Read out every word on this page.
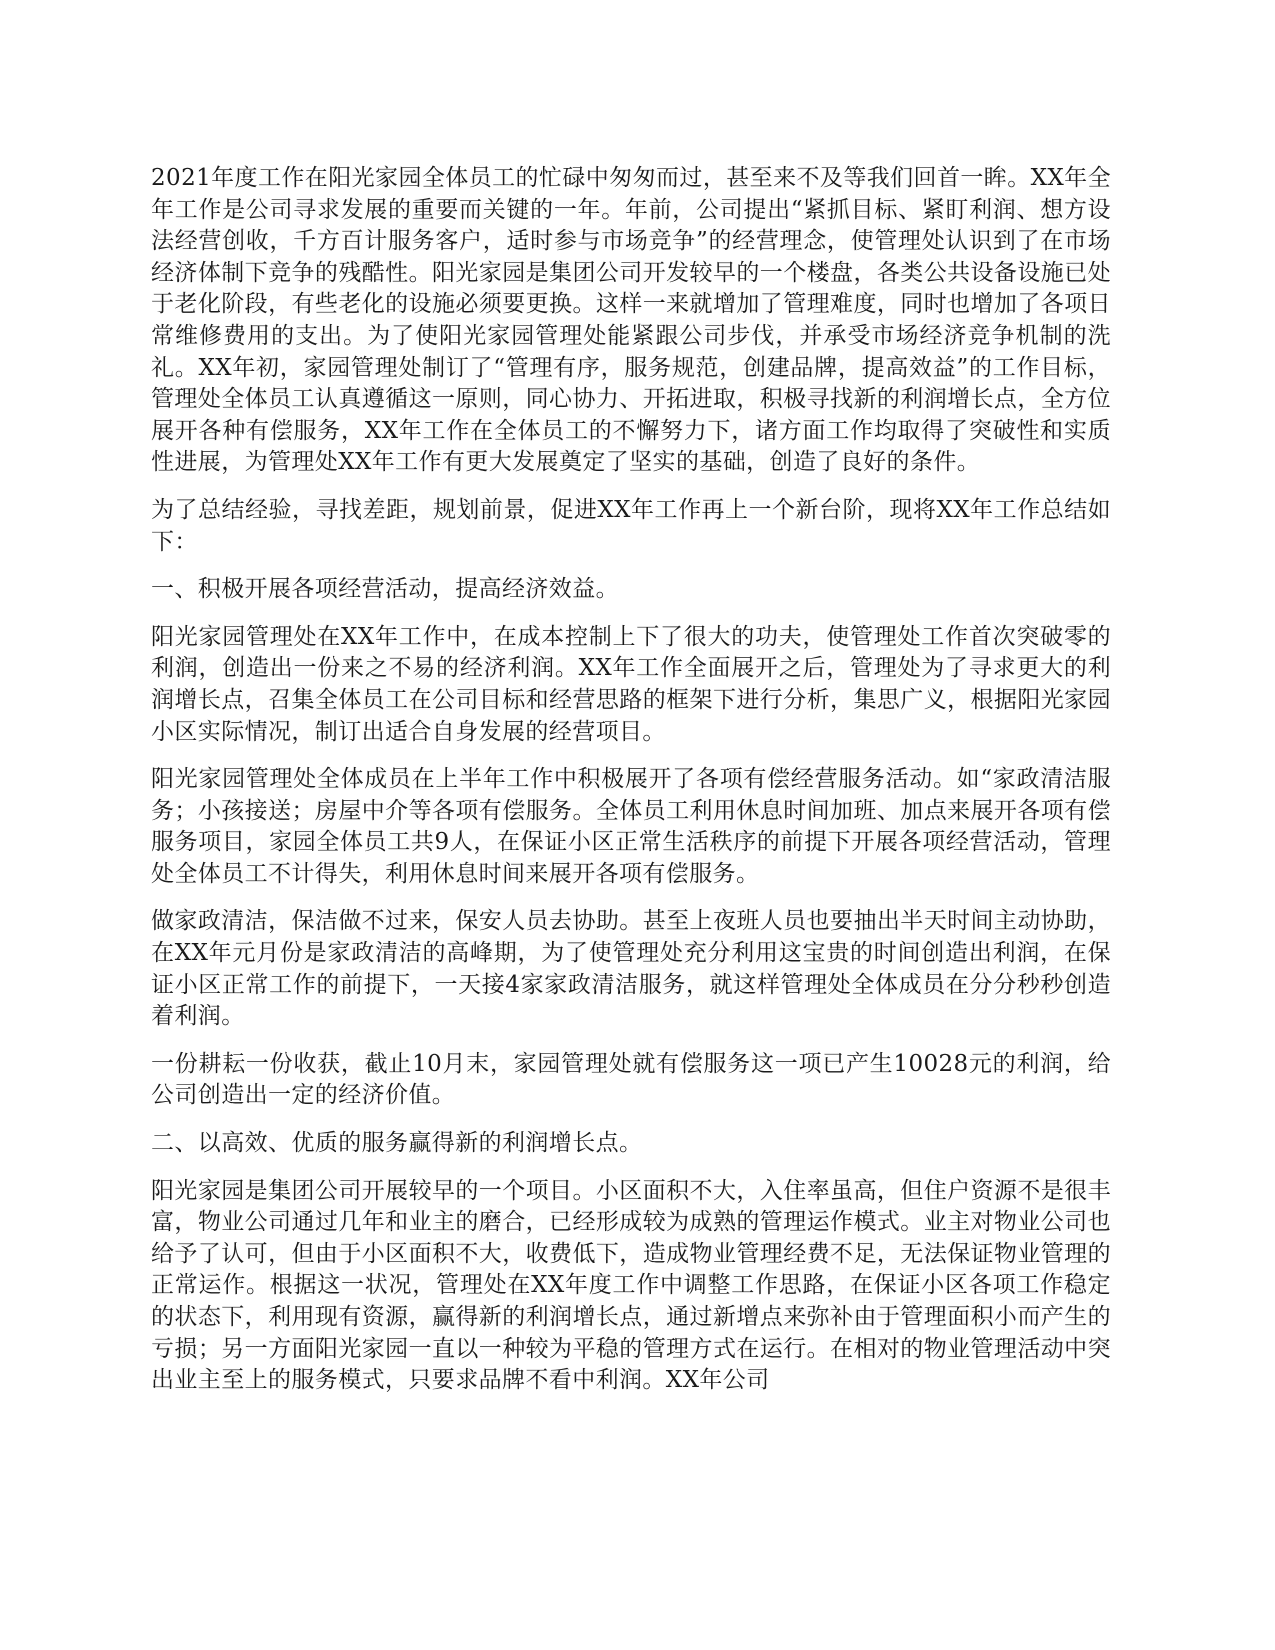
2021年度工作在阳光家园全体员工的忙碌中匆匆而过，甚至来不及等我们回首一眸。XX年全年工作是公司寻求发展的重要而关键的一年。年前，公司提出“紧抓目标、紧盯利润、想方设法经营创收，千方百计服务客户，适时参与市场竞争”的经营理念，使管理处认识到了在市场经济体制下竞争的残酷性。阳光家园是集团公司开发较早的一个楼盘，各类公共设备设施已处于老化阶段，有些老化的设施必须要更换。这样一来就增加了管理难度，同时也增加了各项日常维修费用的支出。为了使阳光家园管理处能紧跟公司步伐，并承受市场经济竞争机制的洗礼。XX年初，家园管理处制订了“管理有序，服务规范，创建品牌，提高效益”的工作目标，管理处全体员工认真遵循这一原则，同心协力、开拓进取，积极寻找新的利润增长点，全方位展开各种有偿服务，XX年工作在全体员工的不懈努力下，诸方面工作均取得了突破性和实质性进展，为管理处XX年工作有更大发展奠定了坚实的基础，创造了良好的条件。

为了总结经验，寻找差距，规划前景，促进XX年工作再上一个新台阶，现将XX年工作总结如下：

一、积极开展各项经营活动，提高经济效益。

阳光家园管理处在XX年工作中，在成本控制上下了很大的功夫，使管理处工作首次突破零的利润，创造出一份来之不易的经济利润。XX年工作全面展开之后，管理处为了寻求更大的利润增长点，召集全体员工在公司目标和经营思路的框架下进行分析，集思广义，根据阳光家园小区实际情况，制订出适合自身发展的经营项目。

阳光家园管理处全体成员在上半年工作中积极展开了各项有偿经营服务活动。如“家政清洁服务；小孩接送；房屋中介等各项有偿服务。全体员工利用休息时间加班、加点来展开各项有偿服务项目，家园全体员工共9人，在保证小区正常生活秩序的前提下开展各项经营活动，管理处全体员工不计得失，利用休息时间来展开各项有偿服务。

做家政清洁，保洁做不过来，保安人员去协助。甚至上夜班人员也要抽出半天时间主动协助，在XX年元月份是家政清洁的高峰期，为了使管理处充分利用这宝贵的时间创造出利润，在保证小区正常工作的前提下，一天接4家家政清洁服务，就这样管理处全体成员在分分秒秒创造着利润。

一份耕耘一份收获，截止10月末，家园管理处就有偿服务这一项已产生10028元的利润，给公司创造出一定的经济价值。

二、以高效、优质的服务赢得新的利润增长点。

阳光家园是集团公司开展较早的一个项目。小区面积不大，入住率虽高，但住户资源不是很丰富，物业公司通过几年和业主的磨合，已经形成较为成熟的管理运作模式。业主对物业公司也给予了认可，但由于小区面积不大，收费低下，造成物业管理经费不足，无法保证物业管理的正常运作。根据这一状况，管理处在XX年度工作中调整工作思路，在保证小区各项工作稳定的状态下，利用现有资源，赢得新的利润增长点，通过新增点来弥补由于管理面积小而产生的亏损；另一方面阳光家园一直以一种较为平稳的管理方式在运行。在相对的物业管理活动中突出业主至上的服务模式，只要求品牌不看中利润。XX年公司
